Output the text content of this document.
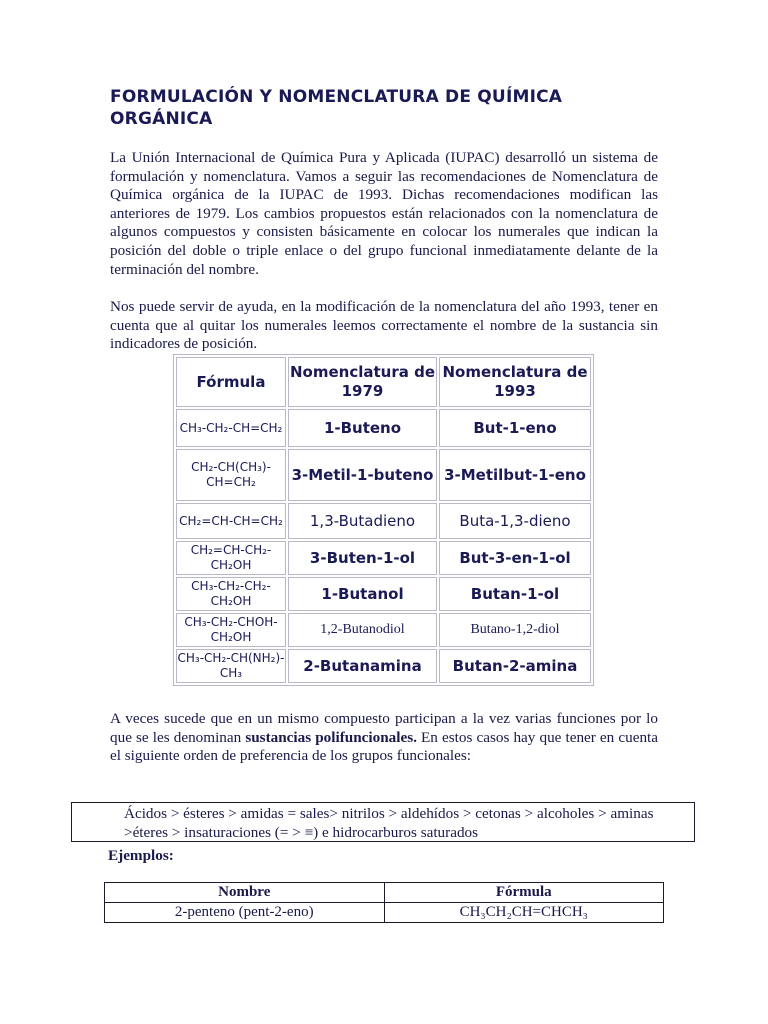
FORMULACIÓN Y NOMENCLATURA DE QUÍMICA ORGÁNICA

La Unión Internacional de Química Pura y Aplicada (IUPAC) desarrolló un sistema de formulación y nomenclatura. Vamos a seguir las recomendaciones de Nomenclatura de Química orgánica de la IUPAC de 1993. Dichas recomendaciones modifican las anteriores de 1979. Los cambios propuestos están relacionados con la nomenclatura de algunos compuestos y consisten básicamente en colocar los numerales que indican la posición del doble o triple enlace o del grupo funcional inmediatamente delante de la terminación del nombre.

Nos puede servir de ayuda, en la modificación de la nomenclatura del año 1993, tener en cuenta que al quitar los numerales leemos correctamente el nombre de la sustancia sin indicadores de posición.

Fórmula	Nomenclatura de 1979	Nomenclatura de 1993
CH₃-CH₂-CH=CH₂	1-Buteno	But-1-eno
CH₂-CH(CH₃)-CH=CH₂	3-Metil-1-buteno	3-Metilbut-1-eno
CH₂=CH-CH=CH₂	1,3-Butadieno	Buta-1,3-dieno
CH₂=CH-CH₂-CH₂OH	3-Buten-1-ol	But-3-en-1-ol
CH₃-CH₂-CH₂-CH₂OH	1-Butanol	Butan-1-ol
CH₃-CH₂-CHOH-CH₂OH	1,2-Butanodiol	Butano-1,2-diol
CH₃-CH₂-CH(NH₂)-CH₃	2-Butanamina	Butan-2-amina

A veces sucede que en un mismo compuesto participan a la vez varias funciones por lo que se les denominan sustancias polifuncionales. En estos casos hay que tener en cuenta el siguiente orden de preferencia de los grupos funcionales:

Ácidos > ésteres > amidas = sales> nitrilos > aldehídos > cetonas > alcoholes > aminas >éteres > insaturaciones (= > ≡) e hidrocarburos saturados
Ejemplos:
Nombre	Fórmula
2-penteno (pent-2-eno)	CH₃CH₂CH=CHCH₃
